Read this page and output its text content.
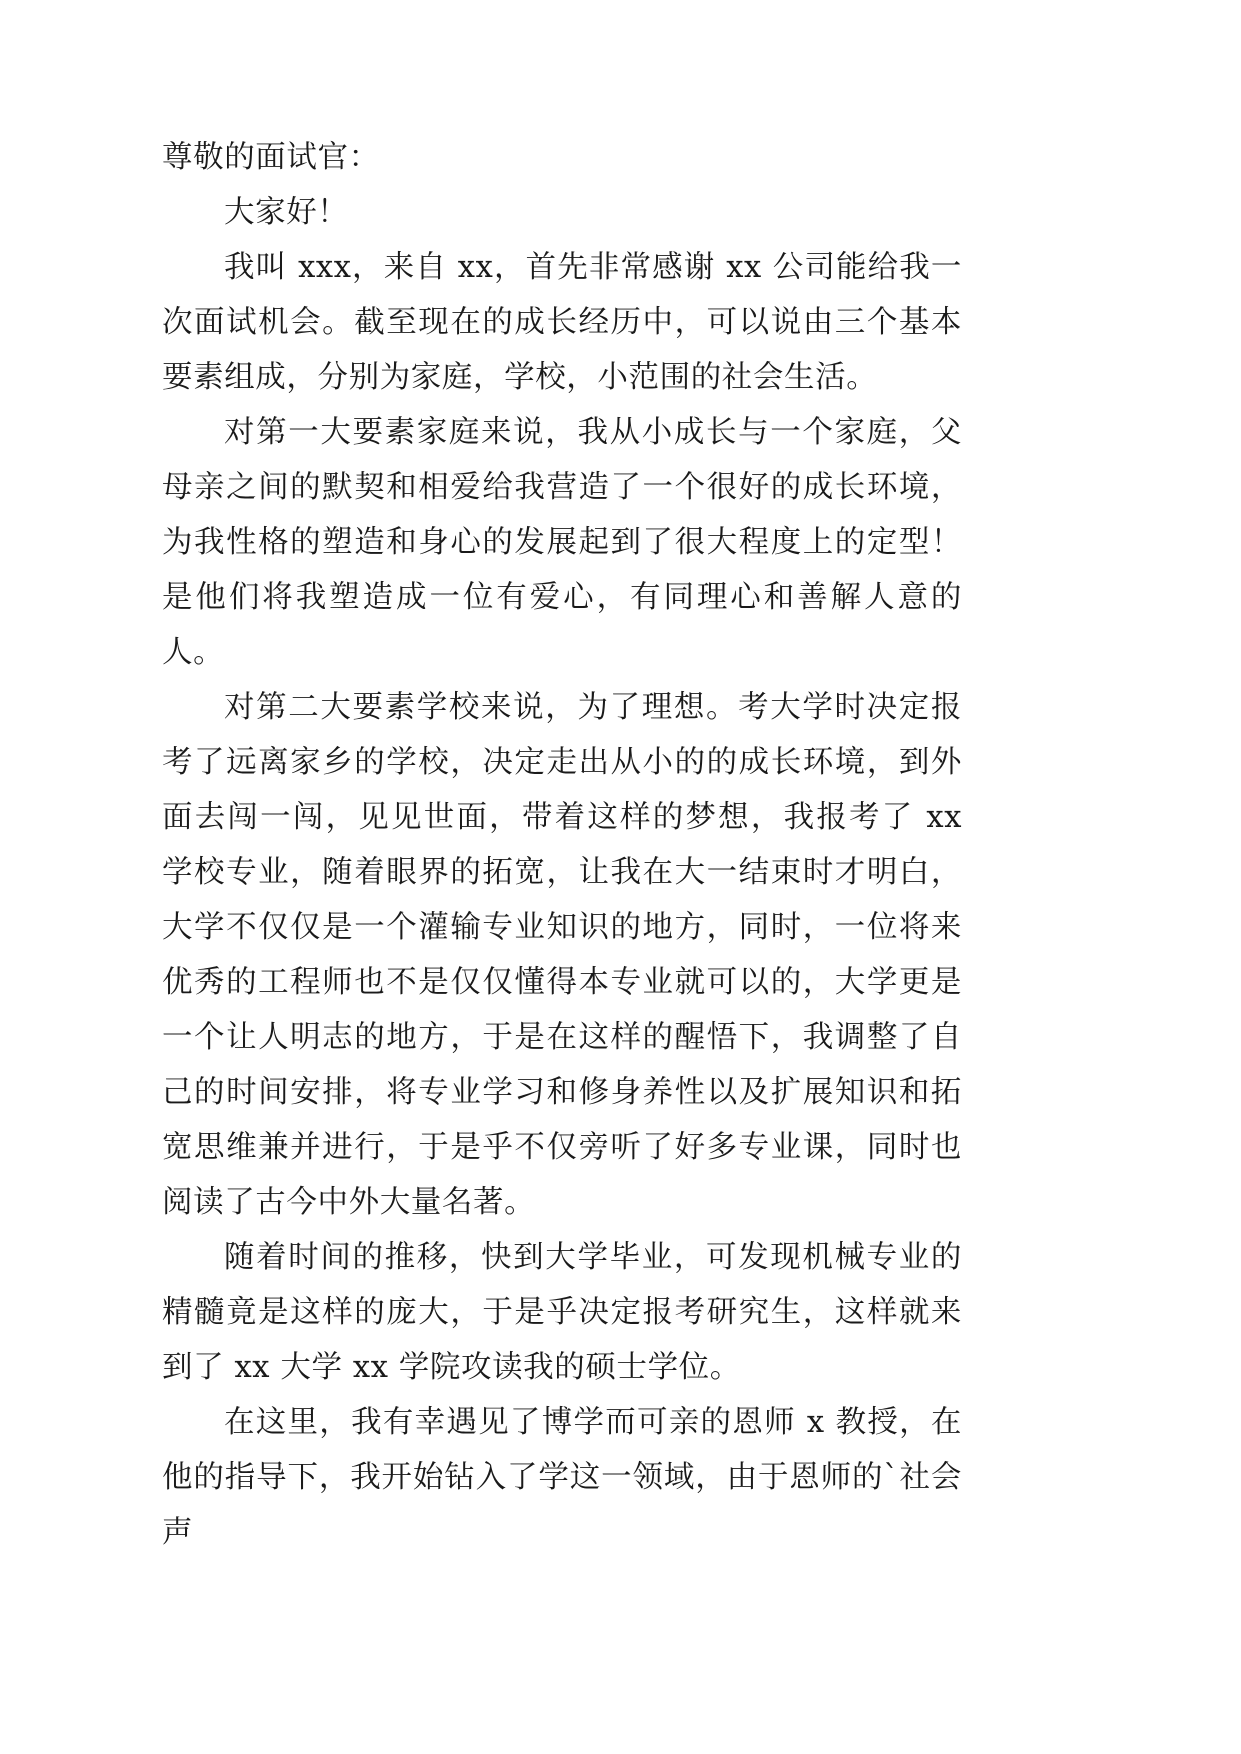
尊敬的面试官：

大家好！

我叫 xxx，来自 xx，首先非常感谢 xx 公司能给我一次面试机会。截至现在的成长经历中，可以说由三个基本要素组成，分别为家庭，学校，小范围的社会生活。

对第一大要素家庭来说，我从小成长与一个家庭，父母亲之间的默契和相爱给我营造了一个很好的成长环境，为我性格的塑造和身心的发展起到了很大程度上的定型！是他们将我塑造成一位有爱心，有同理心和善解人意的人。

对第二大要素学校来说，为了理想。考大学时决定报考了远离家乡的学校，决定走出从小的的成长环境，到外面去闯一闯，见见世面，带着这样的梦想，我报考了 xx 学校专业，随着眼界的拓宽，让我在大一结束时才明白，大学不仅仅是一个灌输专业知识的地方，同时，一位将来优秀的工程师也不是仅仅懂得本专业就可以的，大学更是一个让人明志的地方，于是在这样的醒悟下，我调整了自己的时间安排，将专业学习和修身养性以及扩展知识和拓宽思维兼并进行，于是乎不仅旁听了好多专业课，同时也阅读了古今中外大量名著。

随着时间的推移，快到大学毕业，可发现机械专业的精髓竟是这样的庞大，于是乎决定报考研究生，这样就来到了 xx 大学 xx 学院攻读我的硕士学位。

在这里，我有幸遇见了博学而可亲的恩师 x 教授，在他的指导下，我开始钻入了学这一领域，由于恩师的`社会声
